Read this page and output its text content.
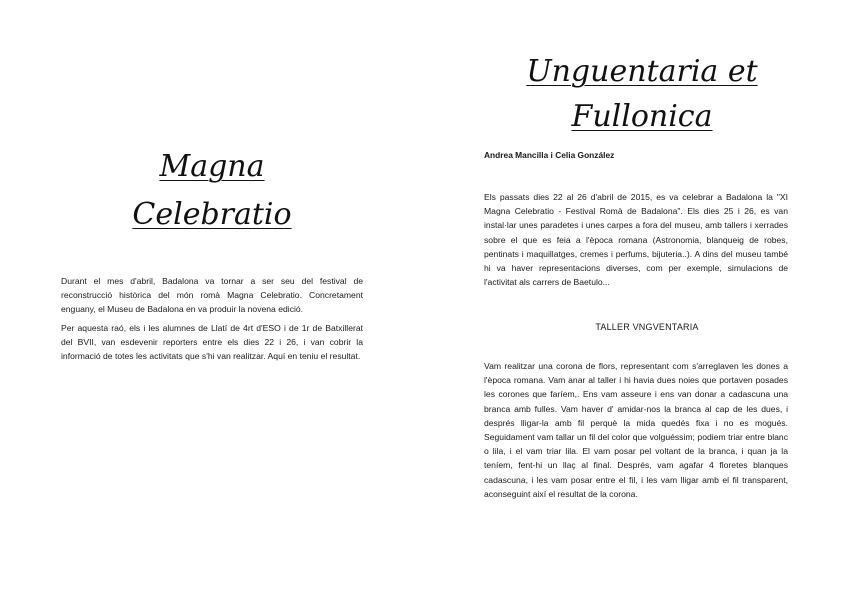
Magna
Celebratio

Durant el mes d'abril, Badalona va tornar a ser seu del festival de reconstrucció històrica del món romà Magna Celebratio. Concretament enguany, el Museu de Badalona en va produir la novena edició.

Per aquesta raó, els i les alumnes de Llatí de 4rt d'ESO i de 1r de Batxillerat del BVII, van esdevenir reporters entre els dies 22 i 26, i van cobrir la informació de totes les activitats que s'hi van realitzar. Aquí en teniu el resultat.

Unguentaria et
Fullonica

Andrea Mancilla i Celia González

Els passats dies 22 al 26 d'abril de 2015, es va celebrar a Badalona la "XI Magna Celebratio - Festival Romà de Badalona". Els dies 25 i 26, es van instal·lar unes paradetes i unes carpes a fora del museu, amb tallers i xerrades sobre el que es feia a l'època romana (Astronomia, blanqueig de robes, pentinats i maquillatges, cremes i perfums, bijuteria..). A dins del museu també hi va haver representacions diverses, com per exemple, simulacions de l'activitat als carrers de Baetulo...

TALLER VNGVENTARIA

Vam realitzar una corona de flors, representant com s'arreglaven les dones a l'època romana. Vam anar al taller i hi havia dues noies que portaven posades les corones que faríem,. Ens vam asseure i ens van donar a cadascuna una branca amb fulles. Vam haver d' amidar-nos la branca al cap de les dues, i després lligar-la amb fil perquè la mida quedés fixa i no es mogués. Seguidament vam tallar un fil del color que volguéssim; podiem triar entre blanc o lila, i el vam triar lila. El vam posar pel voltant de la branca, i quan ja la teníem, fent-hi un llaç al final. Després, vam agafar 4 floretes blanques cadascuna, i les vam posar entre el fil, i les vam lligar amb el fil transparent, aconseguint així el resultat de la corona.
